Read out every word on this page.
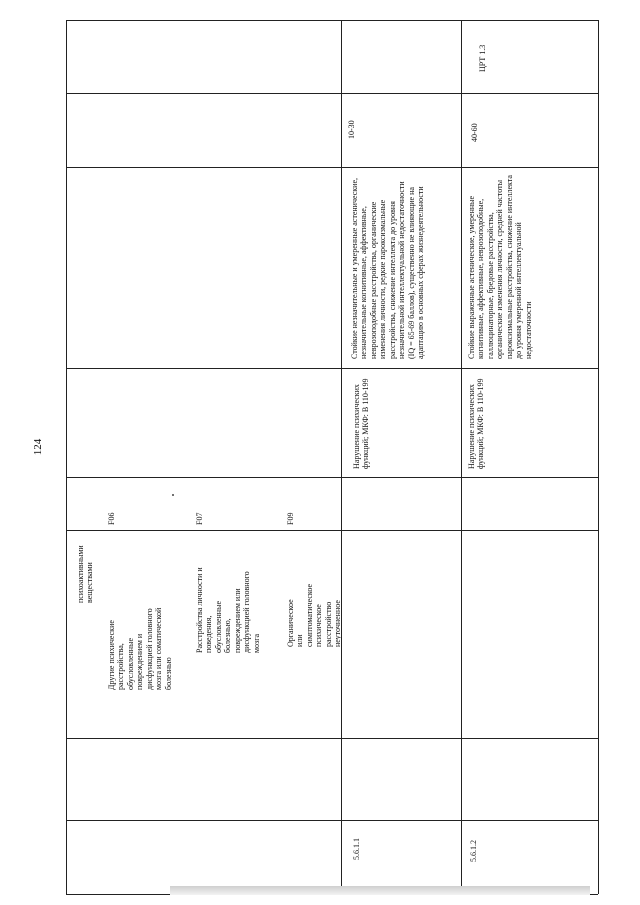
124
психоактивными веществами
Другие психические расстройства, обусловленные повреждением и дисфункцией головного мозга или соматической болезнью
F06
Расстройства личности и поведения, обусловленные болезнью, повреждением или дисфункцией головного мозга
F07
Органическое или симптоматическое психическое расстройство неуточненное
F09
5.6.1.1
Нарушение психических функций; МКФ: В 110-199
Стойкие незначительные и умеренные астенические, незначительные когнитивные, аффективные, неврозоподобные расстройства, органические изменения личности, редкие пароксизмальные расстройства, снижение интеллекта до уровня незначительной интеллектуальной недостаточности (IQ = 65-69 баллов), существенно не влияющие на адаптацию в основных сферах жизнедеятельности
10-30
5.6.1.2
Нарушение психических функций; МКФ: В 110-199
Стойкие выраженные астенические, умеренные когнитивные, аффективные, неврозоподобные, галлюцинаторные, бредовые расстройства, органические изменения личности, средней частоты пароксизмальные расстройства, снижение интеллекта до уровня умеренной интеллектуальной недостаточности
40-60
ЦРТ 1.3
